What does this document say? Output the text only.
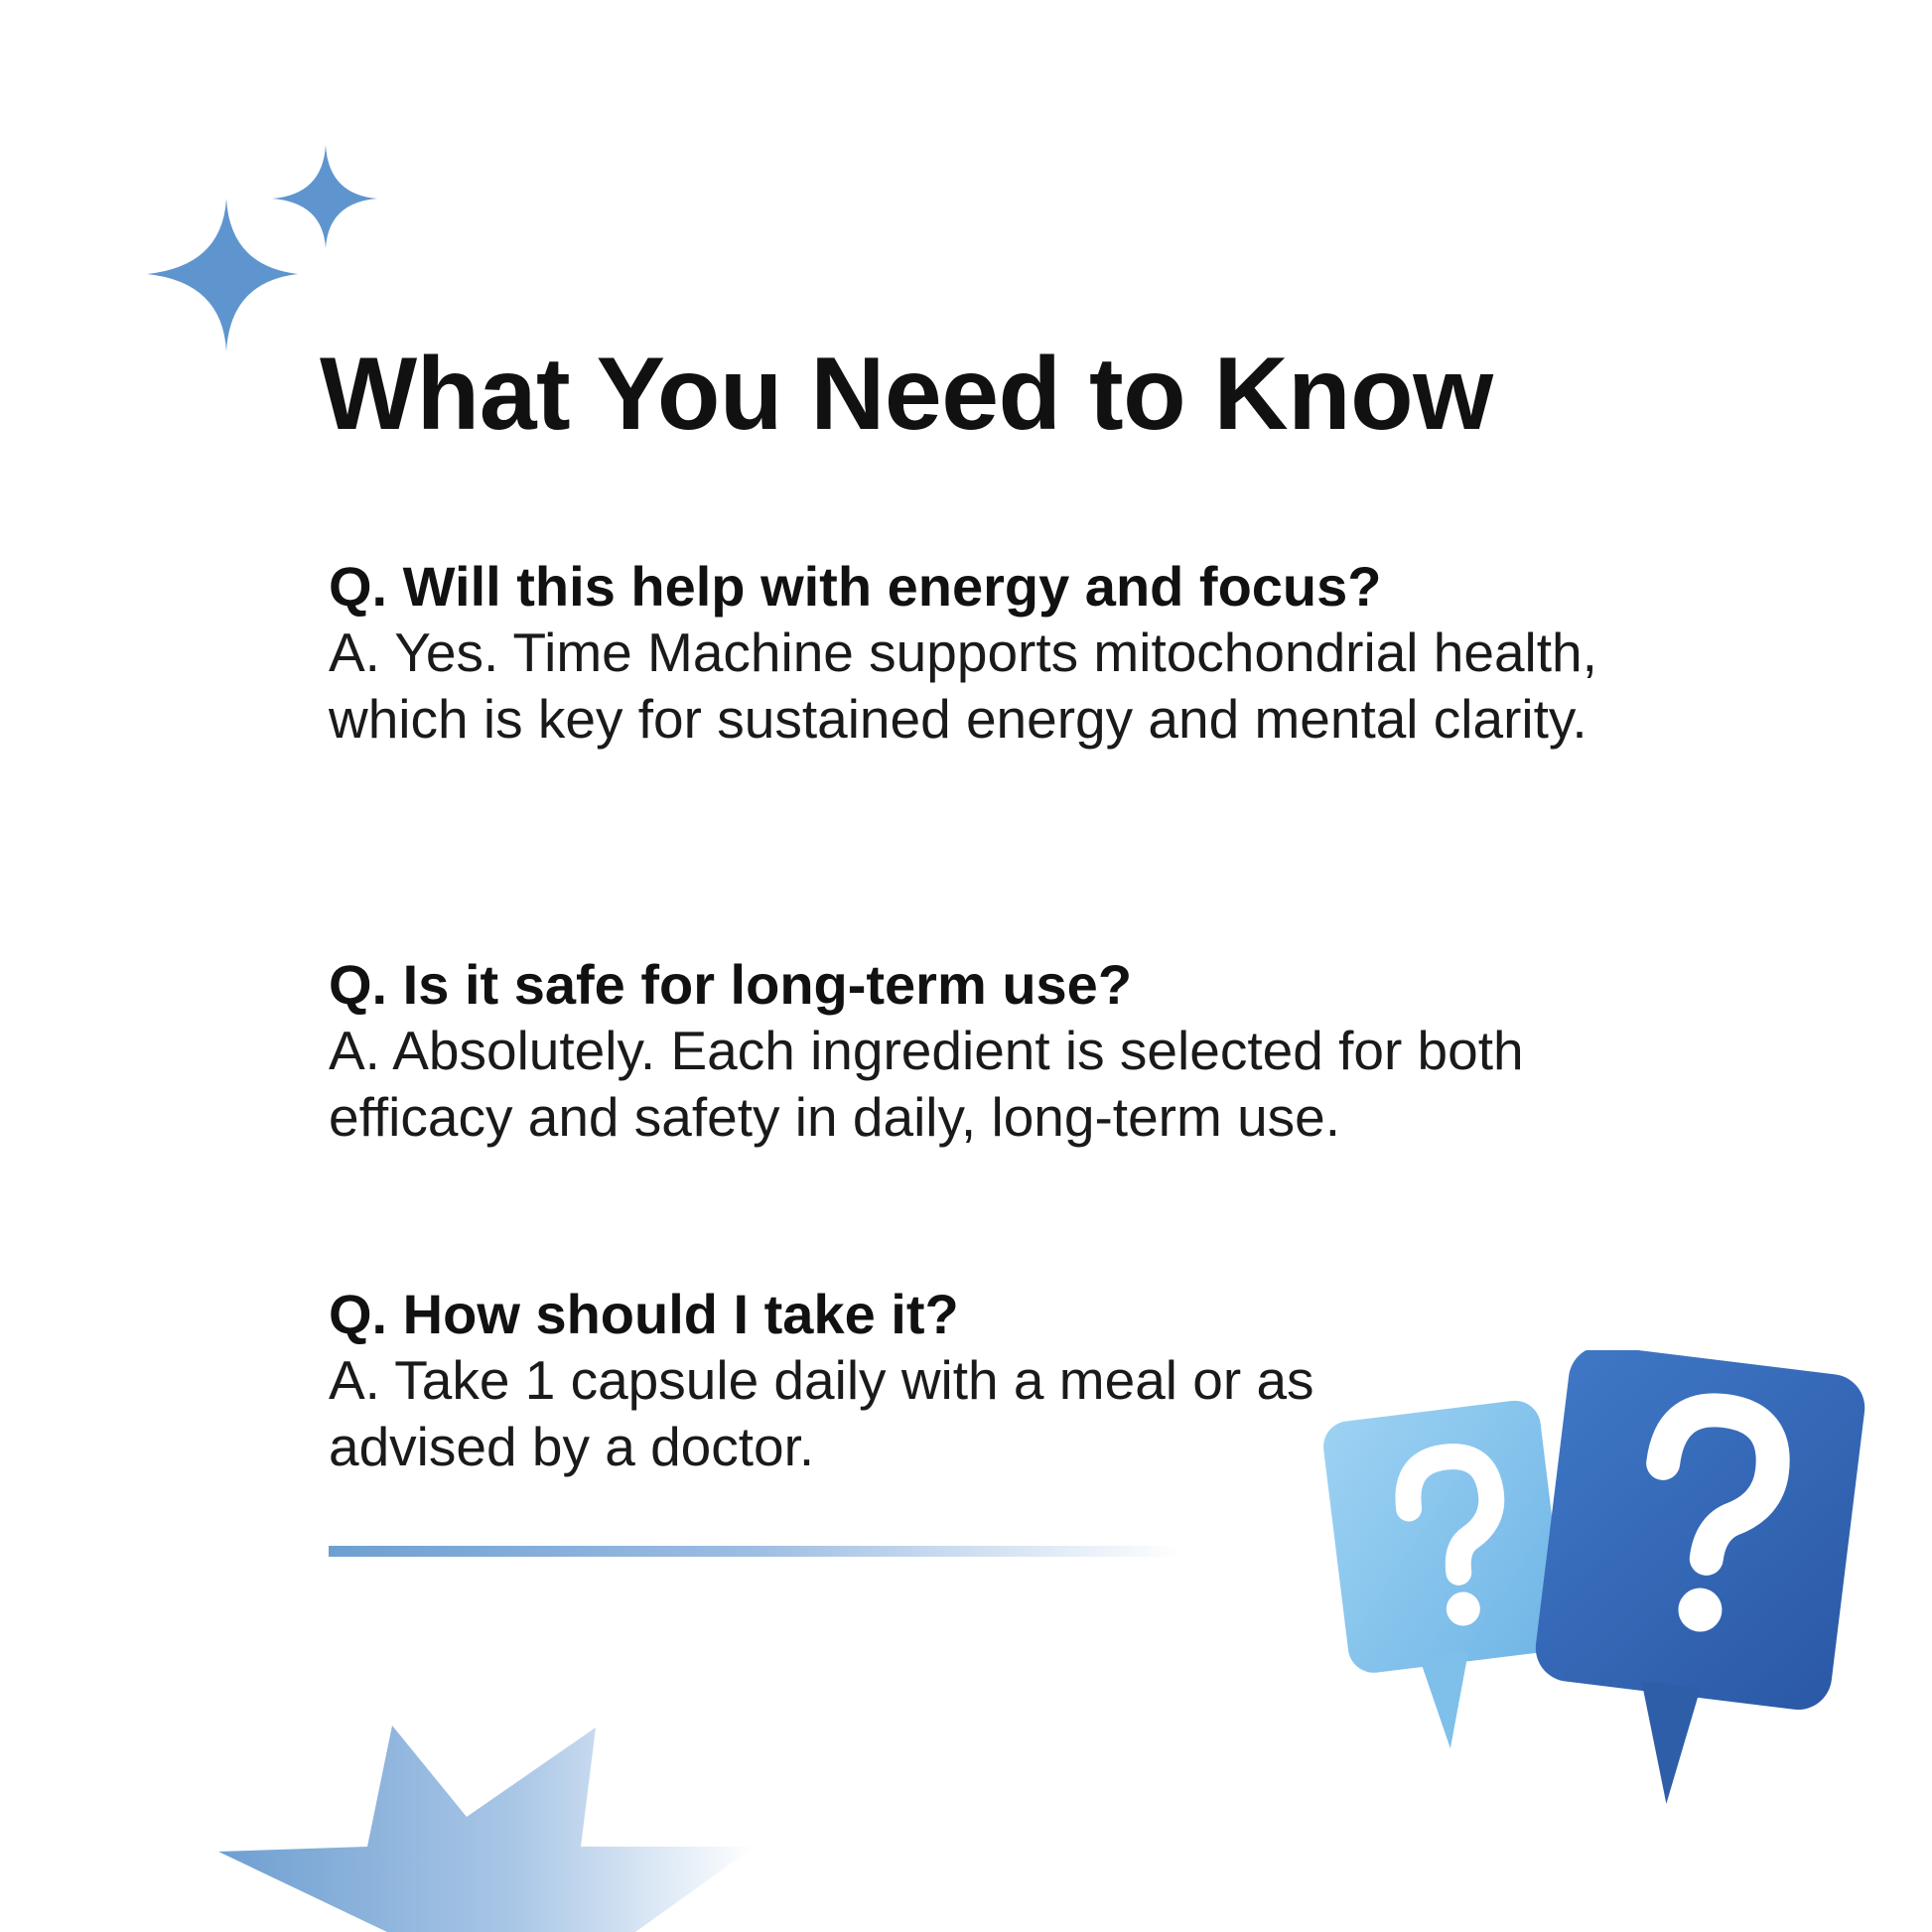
What You Need to Know

Q. Will this help with energy and focus?

A. Yes. Time Machine supports mitochondrial health, which is key for sustained energy and mental clarity.

Q. Is it safe for long-term use?

A. Absolutely. Each ingredient is selected for both efficacy and safety in daily, long-term use.

Q. How should I take it?

A. Take 1 capsule daily with a meal or as advised by a doctor.
